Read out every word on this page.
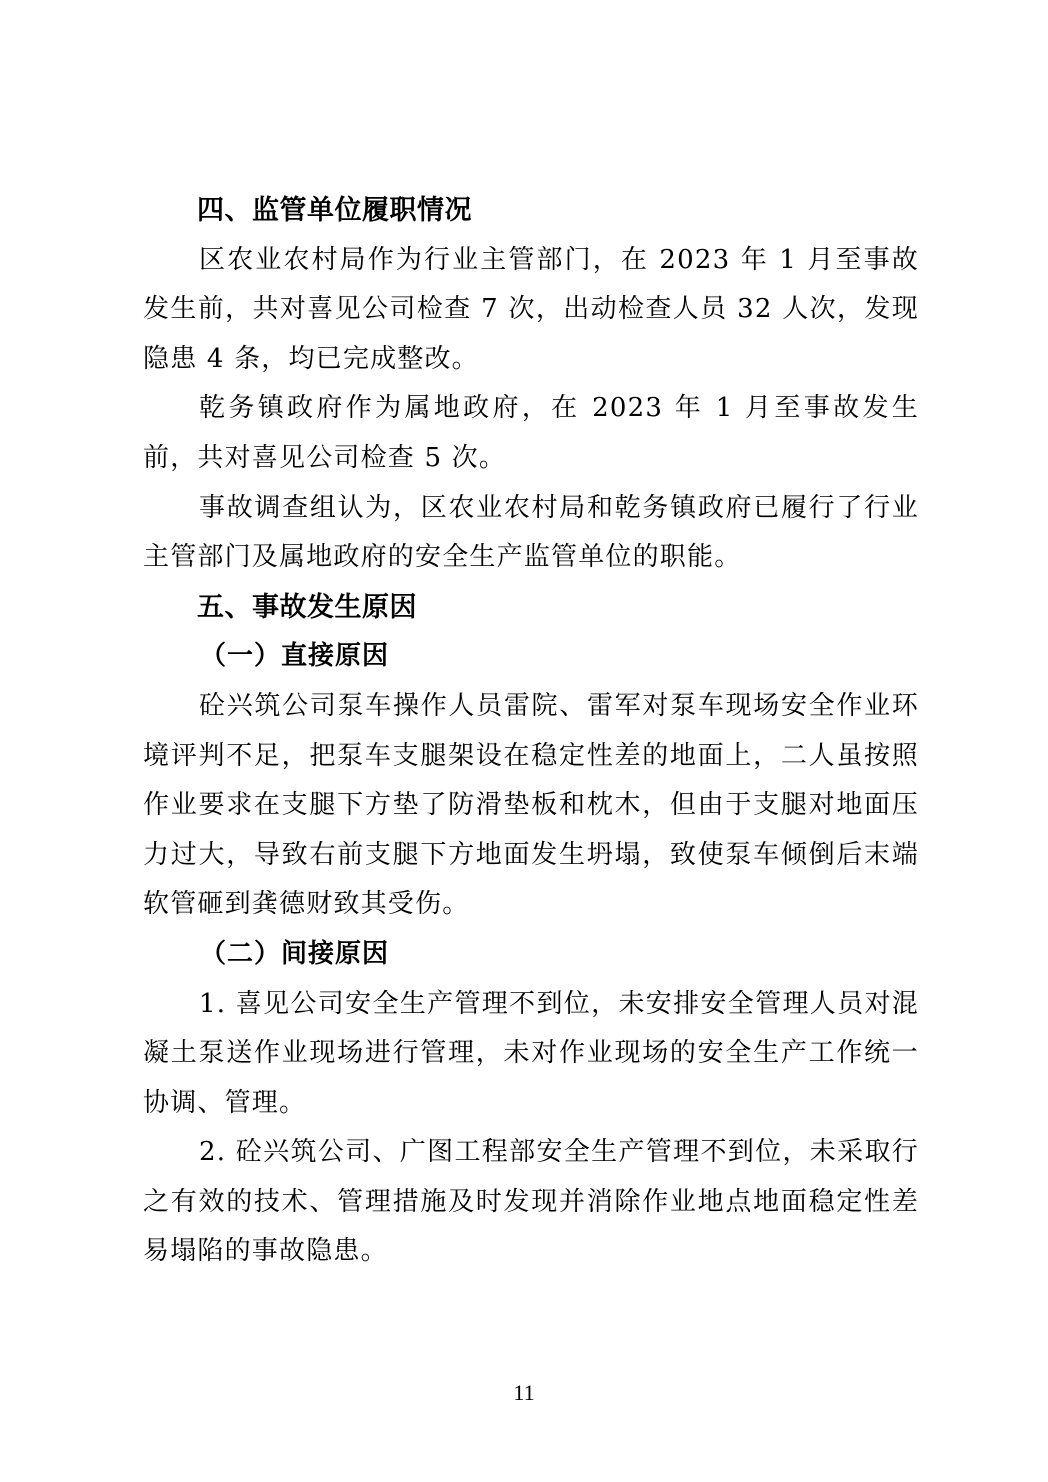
四、监管单位履职情况

区农业农村局作为行业主管部门，在 2023 年 1 月至事故发生前，共对喜见公司检查 7 次，出动检查人员 32 人次，发现隐患 4 条，均已完成整改。

乾务镇政府作为属地政府，在 2023 年 1 月至事故发生前，共对喜见公司检查 5 次。

事故调查组认为，区农业农村局和乾务镇政府已履行了行业主管部门及属地政府的安全生产监管单位的职能。

五、事故发生原因
（一）直接原因

砼兴筑公司泵车操作人员雷院、雷军对泵车现场安全作业环境评判不足，把泵车支腿架设在稳定性差的地面上，二人虽按照作业要求在支腿下方垫了防滑垫板和枕木，但由于支腿对地面压力过大，导致右前支腿下方地面发生坍塌，致使泵车倾倒后末端软管砸到龚德财致其受伤。

（二）间接原因

1. 喜见公司安全生产管理不到位，未安排安全管理人员对混凝土泵送作业现场进行管理，未对作业现场的安全生产工作统一协调、管理。

2. 砼兴筑公司、广图工程部安全生产管理不到位，未采取行之有效的技术、管理措施及时发现并消除作业地点地面稳定性差易塌陷的事故隐患。

11
